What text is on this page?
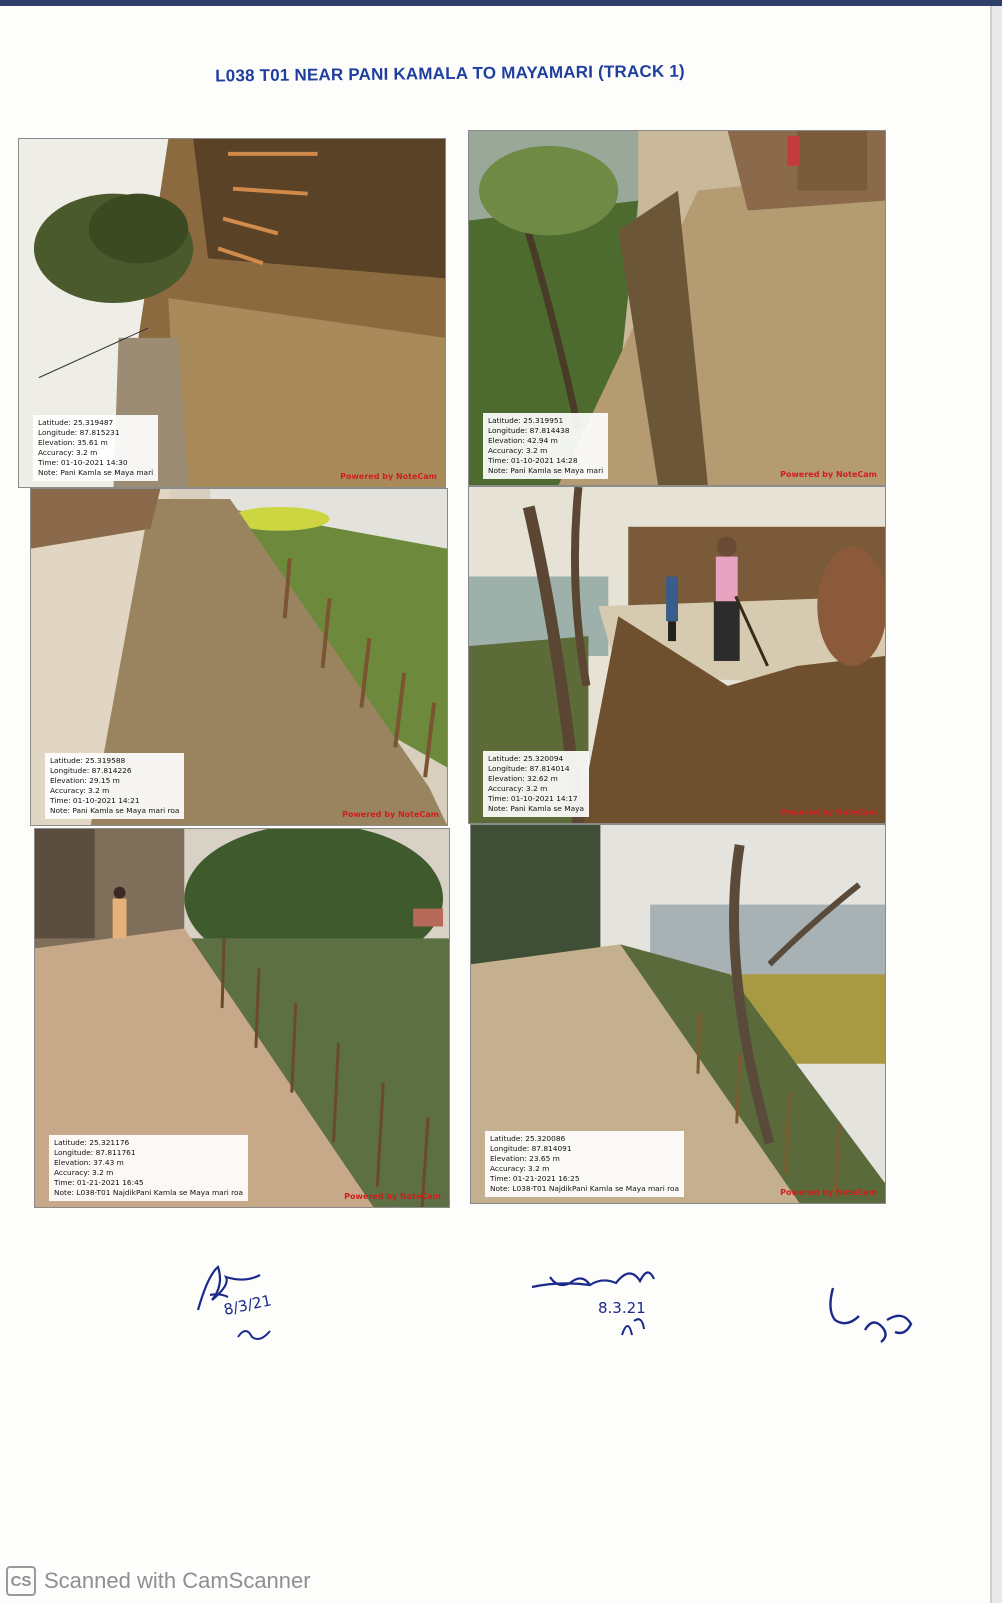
L038 T01 NEAR PANI KAMALA TO MAYAMARI (TRACK 1)
Latitude: 25.319487
Longitude: 87.815231
Elevation: 35.61 m
Accuracy: 3.2 m
Time: 01-10-2021 14:30
Note: Pani Kamla se Maya mari	Powered by NoteCam
Latitude: 25.319951
Longitude: 87.814438
Elevation: 42.94 m
Accuracy: 3.2 m
Time: 01-10-2021 14:28
Note: Pani Kamla se Maya mari	Powered by NoteCam
Latitude: 25.319588
Longitude: 87.814226
Elevation: 29.15 m
Accuracy: 3.2 m
Time: 01-10-2021 14:21
Note: Pani Kamla se Maya mari roa	Powered by NoteCam
Latitude: 25.320094
Longitude: 87.814014
Elevation: 32.62 m
Accuracy: 3.2 m
Time: 01-10-2021 14:17
Note: Pani Kamla se Maya	Powered by NoteCam
Latitude: 25.321176
Longitude: 87.811761
Elevation: 37.43 m
Accuracy: 3.2 m
Time: 01-21-2021 16:45
Note: L038-T01 NajdikPani Kamla se Maya mari roa	Powered by NoteCam
Latitude: 25.320086
Longitude: 87.814091
Elevation: 23.65 m
Accuracy: 3.2 m
Time: 01-21-2021 16:25
Note: L038-T01 NajdikPani Kamla se Maya mari roa	Powered by NoteCam
8/3/21	8.3.21
CS Scanned with CamScanner
